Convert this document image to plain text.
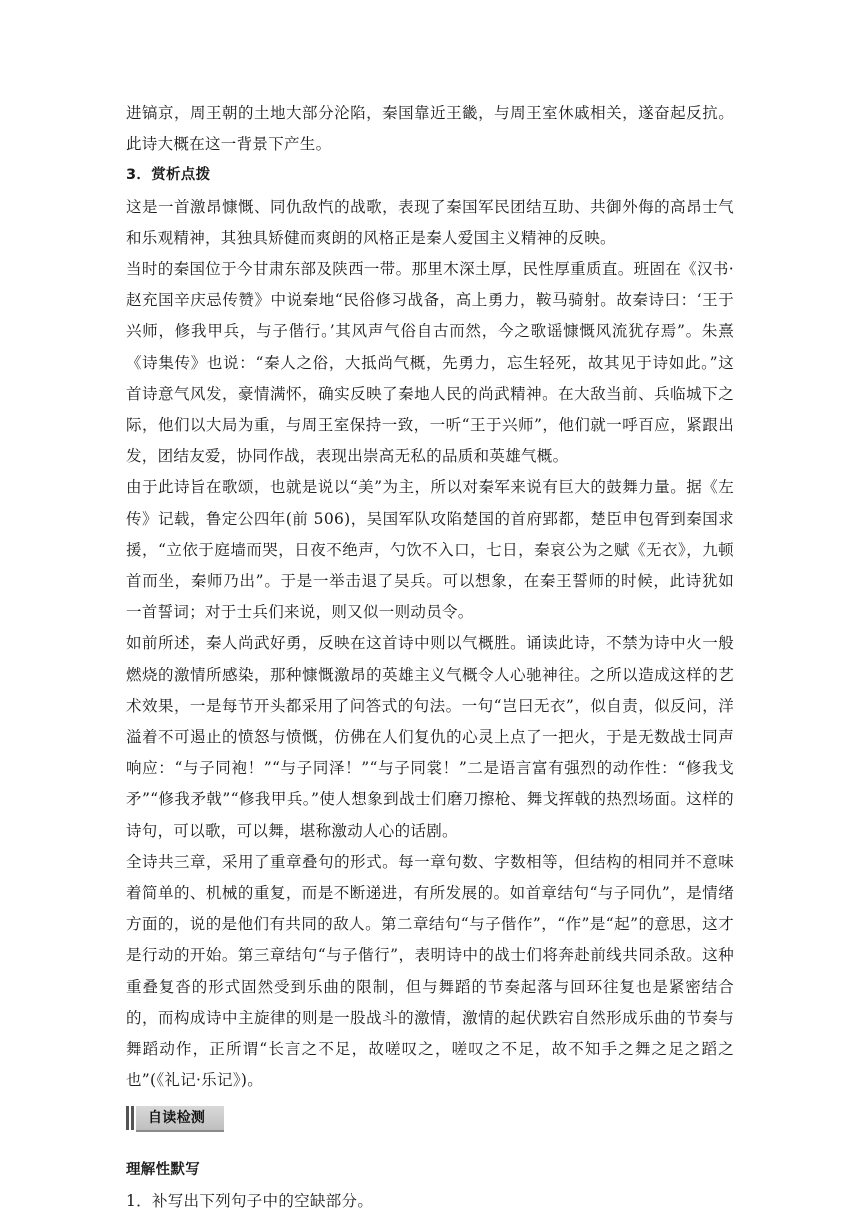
进镐京，周王朝的土地大部分沦陷，秦国靠近王畿，与周王室休戚相关，遂奋起反抗。此诗大概在这一背景下产生。

3．赏析点拨

这是一首激昂慷慨、同仇敌忾的战歌，表现了秦国军民团结互助、共御外侮的高昂士气和乐观精神，其独具矫健而爽朗的风格正是秦人爱国主义精神的反映。

当时的秦国位于今甘肃东部及陕西一带。那里木深土厚，民性厚重质直。班固在《汉书·赵充国辛庆忌传赞》中说秦地“民俗修习战备，高上勇力，鞍马骑射。故秦诗曰：‘王于兴师，修我甲兵，与子偕行。’其风声气俗自古而然，今之歌谣慷慨风流犹存焉”。朱熹《诗集传》也说：“秦人之俗，大抵尚气概，先勇力，忘生轻死，故其见于诗如此。”这首诗意气风发，豪情满怀，确实反映了秦地人民的尚武精神。在大敌当前、兵临城下之际，他们以大局为重，与周王室保持一致，一听“王于兴师”，他们就一呼百应，紧跟出发，团结友爱，协同作战，表现出崇高无私的品质和英雄气概。

由于此诗旨在歌颂，也就是说以“美”为主，所以对秦军来说有巨大的鼓舞力量。据《左传》记载，鲁定公四年(前 506)，吴国军队攻陷楚国的首府郢都，楚臣申包胥到秦国求援，“立依于庭墙而哭，日夜不绝声，勺饮不入口，七日，秦哀公为之赋《无衣》，九顿首而坐，秦师乃出”。于是一举击退了吴兵。可以想象，在秦王誓师的时候，此诗犹如一首誓词；对于士兵们来说，则又似一则动员令。

如前所述，秦人尚武好勇，反映在这首诗中则以气概胜。诵读此诗，不禁为诗中火一般燃烧的激情所感染，那种慷慨激昂的英雄主义气概令人心驰神往。之所以造成这样的艺术效果，一是每节开头都采用了问答式的句法。一句“岂曰无衣”，似自责，似反问，洋溢着不可遏止的愤怒与愤慨，仿佛在人们复仇的心灵上点了一把火，于是无数战士同声响应：“与子同袍！”“与子同泽！”“与子同裳！”二是语言富有强烈的动作性：“修我戈矛”“修我矛戟”“修我甲兵。”使人想象到战士们磨刀擦枪、舞戈挥戟的热烈场面。这样的诗句，可以歌，可以舞，堪称激动人心的话剧。

全诗共三章，采用了重章叠句的形式。每一章句数、字数相等，但结构的相同并不意味着简单的、机械的重复，而是不断递进，有所发展的。如首章结句“与子同仇”，是情绪方面的，说的是他们有共同的敌人。第二章结句“与子偕作”，“作”是“起”的意思，这才是行动的开始。第三章结句“与子偕行”，表明诗中的战士们将奔赴前线共同杀敌。这种重叠复沓的形式固然受到乐曲的限制，但与舞蹈的节奏起落与回环往复也是紧密结合的，而构成诗中主旋律的则是一股战斗的激情，激情的起伏跌宕自然形成乐曲的节奏与舞蹈动作，正所谓“长言之不足，故嗟叹之，嗟叹之不足，故不知手之舞之足之蹈之也”(《礼记·乐记》)。

自读检测

理解性默写

1．补写出下列句子中的空缺部分。
